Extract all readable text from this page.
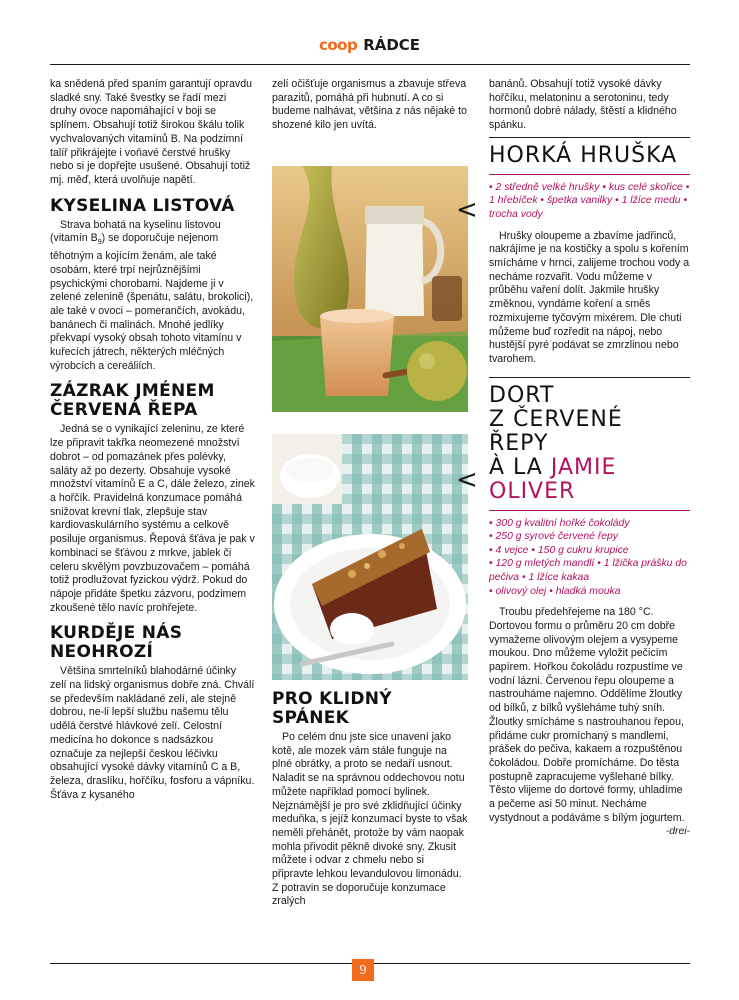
coop RÁDCE

ka snědená před spaním garantují opravdu sladké sny. Také švestky se řadí mezi druhy ovoce napomáhající v boji se splínem. Obsahují totiž širokou škálu tolik vychvalovaných vitamínů B. Na podzimní talíř přikrájejte i voňavé čerstvé hrušky nebo si je dopřejte usušené. Obsahují totiž mj. měď, která uvolňuje napětí.

KYSELINA LISTOVÁ

Strava bohatá na kyselinu listovou (vitamín $B_9$) se doporučuje nejenom těhotným a kojícím ženám, ale také osobám, které trpí nejrůznějšími psychickými chorobami. Najdeme ji v zelené zelenině (špenátu, salátu, brokolici), ale také v ovoci – pomerančích, avokádu, banánech či malinách. Mnohé jedlíky překvapí vysoký obsah tohoto vitamínu v kuřecích játrech, některých mléčných výrobcích a cereáliích.

ZÁZRAK JMÉNEM ČERVENÁ ŘEPA

Jedná se o vynikající zeleninu, ze které lze připravit takřka neomezené množství dobrot – od pomazánek přes polévky, saláty až po dezerty. Obsahuje vysoké množství vitamínů E a C, dále železo, zinek a hořčík. Pravidelná konzumace pomáhá snižovat krevní tlak, zlepšuje stav kardiovaskulárního systému a celkově posiluje organismus. Řepová šťáva je pak v kombinaci se šťávou z mrkve, jablek či celeru skvělým povzbuzovačem – pomáhá totiž prodlužovat fyzickou výdrž. Pokud do nápoje přidáte špetku zázvoru, podzimem zkoušené tělo navíc prohřejete.

KURDĚJE NÁS NEOHROZÍ

Většina smrtelníků blahodárné účinky zelí na lidský organismus dobře zná. Chválí se především nakládané zelí, ale stejně dobrou, ne-li lepší službu našemu tělu udělá čerstvé hlávkové zelí. Celostní medicína ho dokonce s nadsázkou označuje za nejlepší českou léčivku obsahující vysoké dávky vitamínů C a B, železa, draslíku, hořčíku, fosforu a vápníku. Šťáva z kysaného

zelí očišťuje organismus a zbavuje střeva parazitů, pomáhá při hubnutí. A co si budeme nalhávat, většina z nás nějaké to shozené kilo jen uvítá.

PRO KLIDNÝ SPÁNEK

Po celém dnu jste sice unavení jako kotě, ale mozek vám stále funguje na plné obrátky, a proto se nedaří usnout. Naladit se na správnou oddechovou notu můžete například pomocí bylinek. Nejznámější je pro své zklidňující účinky meduňka, s jejíž konzumací byste to však neměli přehánět, protože by vám naopak mohla přivodit pěkně divoké sny. Zkusit můžete i odvar z chmelu nebo si připravte lehkou levandulovou limonádu. Z potravin se doporučuje konzumace zralých

<
<

banánů. Obsahují totiž vysoké dávky hořčíku, melatoninu a serotoninu, tedy hormonů dobré nálady, štěstí a klidného spánku.

HORKÁ HRUŠKA
• 2 středně velké hrušky • kus celé skořice • 1 hřebíček • špetka vanilky • 1 lžíce medu • trocha vody

Hrušky oloupeme a zbavíme jadřinců, nakrájíme je na kostičky a spolu s kořením smícháme v hrnci, zalijeme trochou vody a necháme rozvařit. Vodu můžeme v průběhu vaření dolít. Jakmile hrušky změknou, vyndáme koření a směs rozmixujeme tyčovým mixérem. Dle chuti můžeme buď rozředit na nápoj, nebo hustější pyré podávat se zmrzlinou nebo tvarohem.

DORT
Z ČERVENÉ ŘEPY
À LA JAMIE
OLIVER
• 300 g kvalitní hořké čokolády
• 250 g syrové červené řepy
• 4 vejce • 150 g cukru krupice
• 120 g mletých mandlí • 1 lžička prášku do pečiva • 1 lžíce kakaa
• olivový olej • hladká mouka

Troubu předehřejeme na 180 °C. Dortovou formu o průměru 20 cm dobře vymažeme olivovým olejem a vysypeme moukou. Dno můžeme vyložit pečicím papírem. Hořkou čokoládu rozpustíme ve vodní lázni. Červenou řepu oloupeme a nastrouháme najemno. Oddělíme žloutky od bílků, z bílků vyšleháme tuhý sníh. Žloutky smícháme s nastrouhanou řepou, přidáme cukr promíchaný s mandlemi, prášek do pečiva, kakaem a rozpuštěnou čokoládou. Dobře promícháme. Do těsta postupně zapracujeme vyšlehané bílky. Těsto vlijeme do dortové formy, uhladíme a pečeme asi 50 minut. Necháme vystydnout a podáváme s bílým jogurtem.

-drei-

9
